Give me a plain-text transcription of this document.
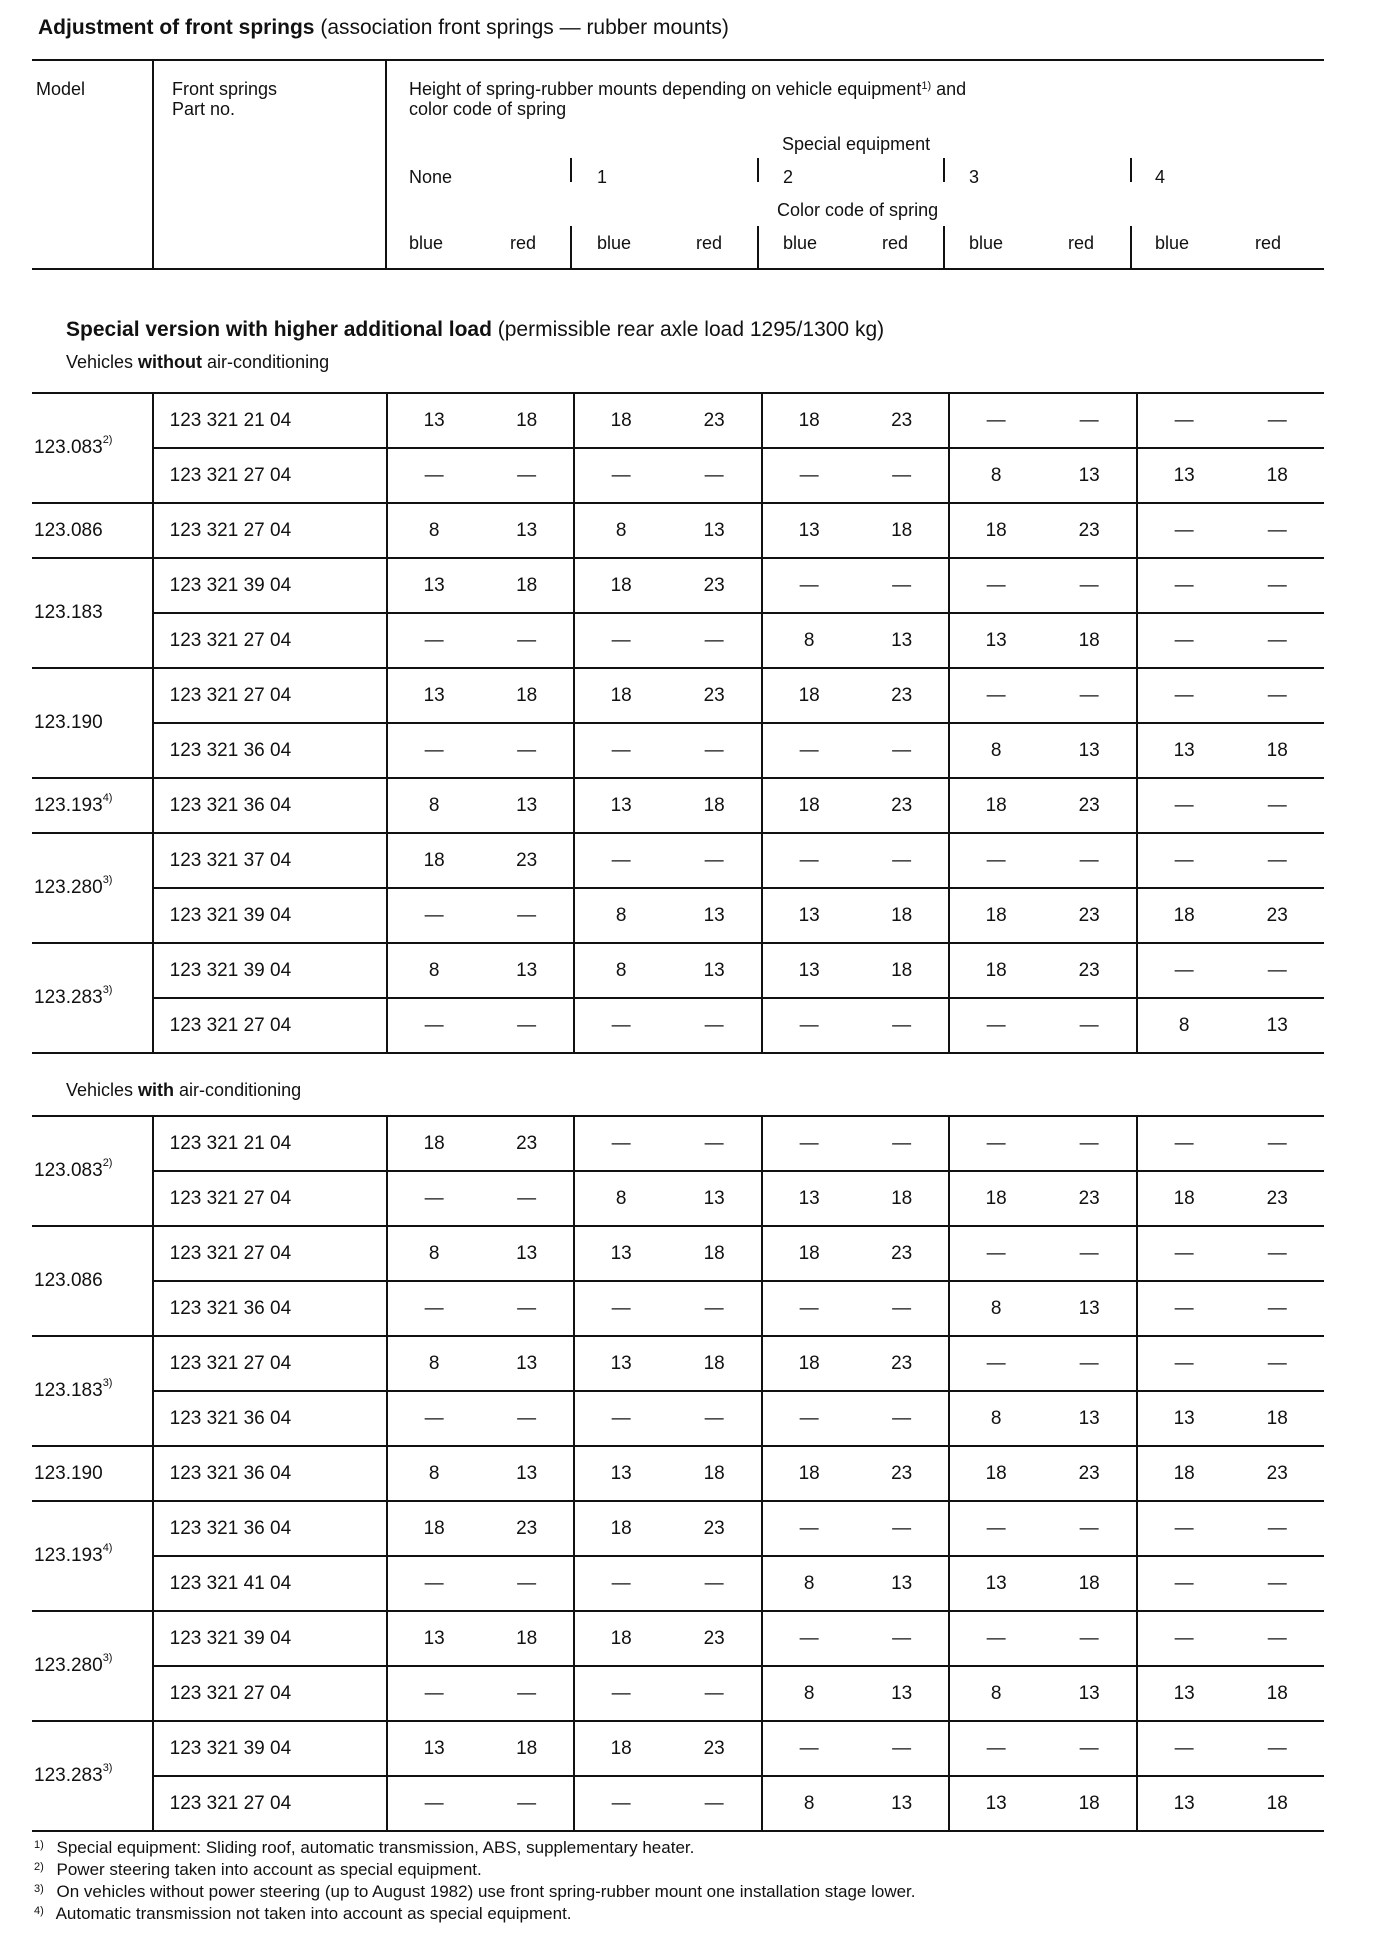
Adjustment of front springs (association front springs — rubber mounts)
Model	Front springs
Part no.
Height of spring-rubber mounts depending on vehicle equipment$^{1)}$ and
color code of spring
Special equipment
None	1	2	3	4
Color code of spring
blue	red	blue	red	blue	red	blue	red	blue	red
Special version with higher additional load (permissible rear axle load 1295/1300 kg)
Vehicles without air-conditioning
123.083$^{2)}$	123 321 21 04	13	18	18	23	18	23	—	—	—	—
	123 321 27 04	—	—	—	—	—	—	8	13	13	18
123.086	123 321 27 04	8	13	8	13	13	18	18	23	—	—
123.183	123 321 39 04	13	18	18	23	—	—	—	—	—	—
	123 321 27 04	—	—	—	—	8	13	13	18	—	—
123.190	123 321 27 04	13	18	18	23	18	23	—	—	—	—
	123 321 36 04	—	—	—	—	—	—	8	13	13	18
123.193$^{4)}$	123 321 36 04	8	13	13	18	18	23	18	23	—	—
123.280$^{3)}$	123 321 37 04	18	23	—	—	—	—	—	—	—	—
	123 321 39 04	—	—	8	13	13	18	18	23	18	23
123.283$^{3)}$	123 321 39 04	8	13	8	13	13	18	18	23	—	—
	123 321 27 04	—	—	—	—	—	—	—	—	8	13
Vehicles with air-conditioning
123.083$^{2)}$	123 321 21 04	18	23	—	—	—	—	—	—	—	—
	123 321 27 04	—	—	8	13	13	18	18	23	18	23
123.086	123 321 27 04	8	13	13	18	18	23	—	—	—	—
	123 321 36 04	—	—	—	—	—	—	8	13	—	—
123.183$^{3)}$	123 321 27 04	8	13	13	18	18	23	—	—	—	—
	123 321 36 04	—	—	—	—	—	—	8	13	13	18
123.190	123 321 36 04	8	13	13	18	18	23	18	23	18	23
123.193$^{4)}$	123 321 36 04	18	23	18	23	—	—	—	—	—	—
	123 321 41 04	—	—	—	—	8	13	13	18	—	—
123.280$^{3)}$	123 321 39 04	13	18	18	23	—	—	—	—	—	—
	123 321 27 04	—	—	—	—	8	13	8	13	13	18
123.283$^{3)}$	123 321 39 04	13	18	18	23	—	—	—	—	—	—
	123 321 27 04	—	—	—	—	8	13	13	18	13	18
$^{1)}$ Special equipment: Sliding roof, automatic transmission, ABS, supplementary heater.
$^{2)}$ Power steering taken into account as special equipment.
$^{3)}$ On vehicles without power steering (up to August 1982) use front spring-rubber mount one installation stage lower.
$^{4)}$ Automatic transmission not taken into account as special equipment.
